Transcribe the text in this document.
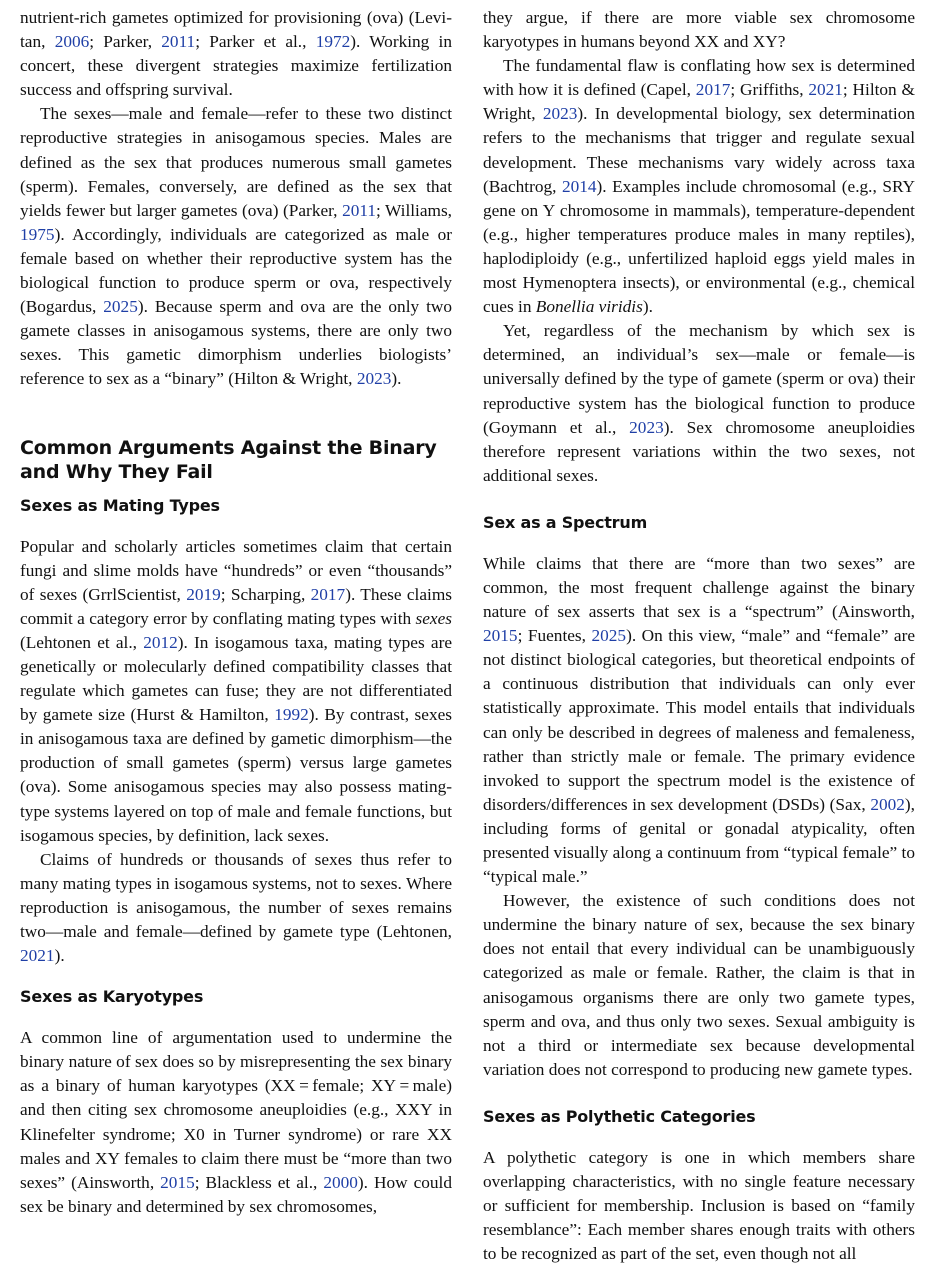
nutrient-rich gametes optimized for provisioning (ova) (Levitan, 2006; Parker, 2011; Parker et al., 1972). Working in concert, these divergent strategies maximize fertilization success and offspring survival.

The sexes—male and female—refer to these two distinct reproductive strategies in anisogamous species. Males are defined as the sex that produces numerous small gametes (sperm). Females, conversely, are defined as the sex that yields fewer but larger gametes (ova) (Parker, 2011; Williams, 1975). Accordingly, individuals are categorized as male or female based on whether their reproductive system has the biological function to produce sperm or ova, respectively (Bogardus, 2025). Because sperm and ova are the only two gamete classes in anisogamous systems, there are only two sexes. This gametic dimorphism underlies biologists’ reference to sex as a “binary” (Hilton & Wright, 2023).

Common Arguments Against the Binary and Why They Fail
Sexes as Mating Types

Popular and scholarly articles sometimes claim that certain fungi and slime molds have “hundreds” or even “thousands” of sexes (GrrlScientist, 2019; Scharping, 2017). These claims commit a category error by conflating mating types with sexes (Lehtonen et al., 2012). In isogamous taxa, mating types are genetically or molecularly defined compatibility classes that regulate which gametes can fuse; they are not differentiated by gamete size (Hurst & Hamilton, 1992). By contrast, sexes in anisogamous taxa are defined by gametic dimorphism—the production of small gametes (sperm) versus large gametes (ova). Some anisogamous species may also possess mating-type systems layered on top of male and female functions, but isogamous species, by definition, lack sexes.

Claims of hundreds or thousands of sexes thus refer to many mating types in isogamous systems, not to sexes. Where reproduction is anisogamous, the number of sexes remains two—male and female—defined by gamete type (Lehtonen, 2021).

Sexes as Karyotypes

A common line of argumentation used to undermine the binary nature of sex does so by misrepresenting the sex binary as a binary of human karyotypes (XX = female; XY = male) and then citing sex chromosome aneuploidies (e.g., XXY in Klinefelter syndrome; X0 in Turner syndrome) or rare XX males and XY females to claim there must be “more than two sexes” (Ainsworth, 2015; Blackless et al., 2000). How could sex be binary and determined by sex chromosomes,

they argue, if there are more viable sex chromosome karyotypes in humans beyond XX and XY?

The fundamental flaw is conflating how sex is determined with how it is defined (Capel, 2017; Griffiths, 2021; Hilton & Wright, 2023). In developmental biology, sex determination refers to the mechanisms that trigger and regulate sexual development. These mechanisms vary widely across taxa (Bachtrog, 2014). Examples include chromosomal (e.g., SRY gene on Y chromosome in mammals), temperature-dependent (e.g., higher temperatures produce males in many reptiles), haplodiploidy (e.g., unfertilized haploid eggs yield males in most Hymenoptera insects), or environmental (e.g., chemical cues in Bonellia viridis).

Yet, regardless of the mechanism by which sex is determined, an individual’s sex—male or female—is universally defined by the type of gamete (sperm or ova) their reproductive system has the biological function to produce (Goymann et al., 2023). Sex chromosome aneuploidies therefore represent variations within the two sexes, not additional sexes.

Sex as a Spectrum

While claims that there are “more than two sexes” are common, the most frequent challenge against the binary nature of sex asserts that sex is a “spectrum” (Ainsworth, 2015; Fuentes, 2025). On this view, “male” and “female” are not distinct biological categories, but theoretical endpoints of a continuous distribution that individuals can only ever statistically approximate. This model entails that individuals can only be described in degrees of maleness and femaleness, rather than strictly male or female. The primary evidence invoked to support the spectrum model is the existence of disorders/differences in sex development (DSDs) (Sax, 2002), including forms of genital or gonadal atypicality, often presented visually along a continuum from “typical female” to “typical male.”

However, the existence of such conditions does not undermine the binary nature of sex, because the sex binary does not entail that every individual can be unambiguously categorized as male or female. Rather, the claim is that in anisogamous organisms there are only two gamete types, sperm and ova, and thus only two sexes. Sexual ambiguity is not a third or intermediate sex because developmental variation does not correspond to producing new gamete types.

Sexes as Polythetic Categories

A polythetic category is one in which members share overlapping characteristics, with no single feature necessary or sufficient for membership. Inclusion is based on “family resemblance”: Each member shares enough traits with others to be recognized as part of the set, even though not all
